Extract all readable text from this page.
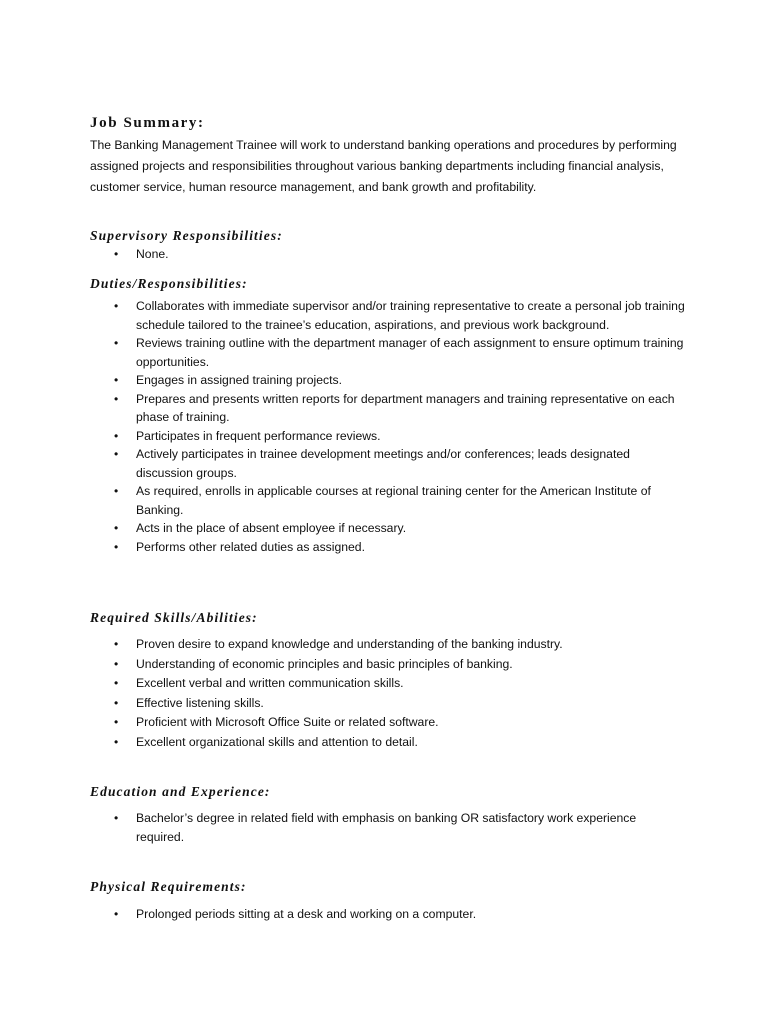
Job Summary:

The Banking Management Trainee will work to understand banking operations and procedures by performing assigned projects and responsibilities throughout various banking departments including financial analysis, customer service, human resource management, and bank growth and profitability.

Supervisory Responsibilities:
• None.
Duties/Responsibilities:
• Collaborates with immediate supervisor and/or training representative to create a personal job training schedule tailored to the trainee’s education, aspirations, and previous work background.
• Reviews training outline with the department manager of each assignment to ensure optimum training opportunities.
• Engages in assigned training projects.
• Prepares and presents written reports for department managers and training representative on each phase of training.
• Participates in frequent performance reviews.
• Actively participates in trainee development meetings and/or conferences; leads designated discussion groups.
• As required, enrolls in applicable courses at regional training center for the American Institute of Banking.
• Acts in the place of absent employee if necessary.
• Performs other related duties as assigned.
Required Skills/Abilities:
• Proven desire to expand knowledge and understanding of the banking industry.
• Understanding of economic principles and basic principles of banking.
• Excellent verbal and written communication skills.
• Effective listening skills.
• Proficient with Microsoft Office Suite or related software.
• Excellent organizational skills and attention to detail.
Education and Experience:
• Bachelor’s degree in related field with emphasis on banking OR satisfactory work experience required.
Physical Requirements:
• Prolonged periods sitting at a desk and working on a computer.
